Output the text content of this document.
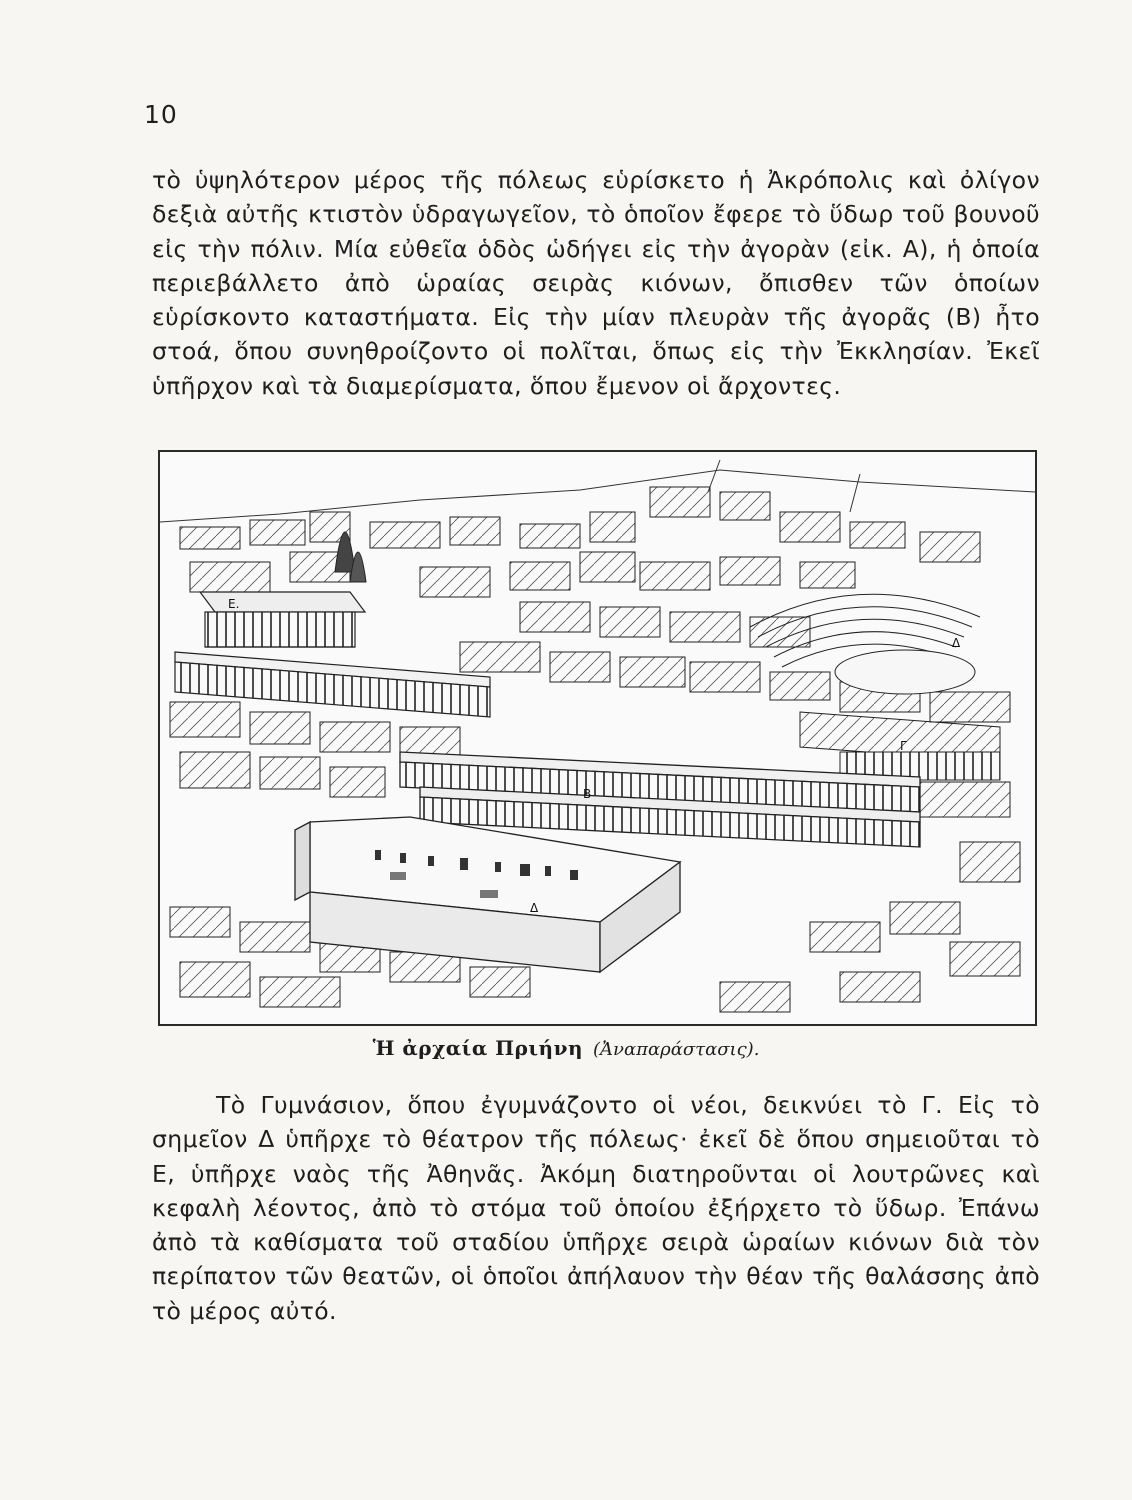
10

τὸ ὑψηλότερον μέρος τῆς πόλεως εὑρίσκετο ἡ Ἀκρόπολις καὶ ὀλίγον δεξιὰ αὐτῆς κτιστὸν ὑδραγωγεῖον, τὸ ὁποῖον ἔφερε τὸ ὕδωρ τοῦ βουνοῦ εἰς τὴν πόλιν. Μία εὐθεῖα ὁδὸς ὡδήγει εἰς τὴν ἀγορὰν (εἰκ. Α), ἡ ὁποία περιεβάλλετο ἀπὸ ὡραίας σειρὰς κιόνων, ὄπισθεν τῶν ὁποίων εὑρίσκοντο καταστήματα. Εἰς τὴν μίαν πλευρὰν τῆς ἀγορᾶς (Β) ἦτο στοά, ὅπου συνηθροίζοντο οἱ πολῖται, ὅπως εἰς τὴν Ἐκκλησίαν. Ἐκεῖ ὑπῆρχον καὶ τὰ διαμερίσματα, ὅπου ἔμενον οἱ ἄρχοντες.

Ε.
Δ
Γ
Β
Δ
Ἡ ἀρχαία Πριήνη (Ἀναπαράστασις).

Τὸ Γυμνάσιον, ὅπου ἐγυμνάζοντο οἱ νέοι, δεικνύει τὸ Γ. Εἰς τὸ σημεῖον Δ ὑπῆρχε τὸ θέατρον τῆς πόλεως· ἐκεῖ δὲ ὅπου σημειοῦται τὸ Ε, ὑπῆρχε ναὸς τῆς Ἀθηνᾶς. Ἀκόμη διατηροῦνται οἱ λουτρῶνες καὶ κεφαλὴ λέοντος, ἀπὸ τὸ στόμα τοῦ ὁποίου ἐξήρχετο τὸ ὕδωρ. Ἐπάνω ἀπὸ τὰ καθίσματα τοῦ σταδίου ὑπῆρχε σειρὰ ὡραίων κιόνων διὰ τὸν περίπατον τῶν θεατῶν, οἱ ὁποῖοι ἀπήλαυον τὴν θέαν τῆς θαλάσσης ἀπὸ τὸ μέρος αὐτό.
